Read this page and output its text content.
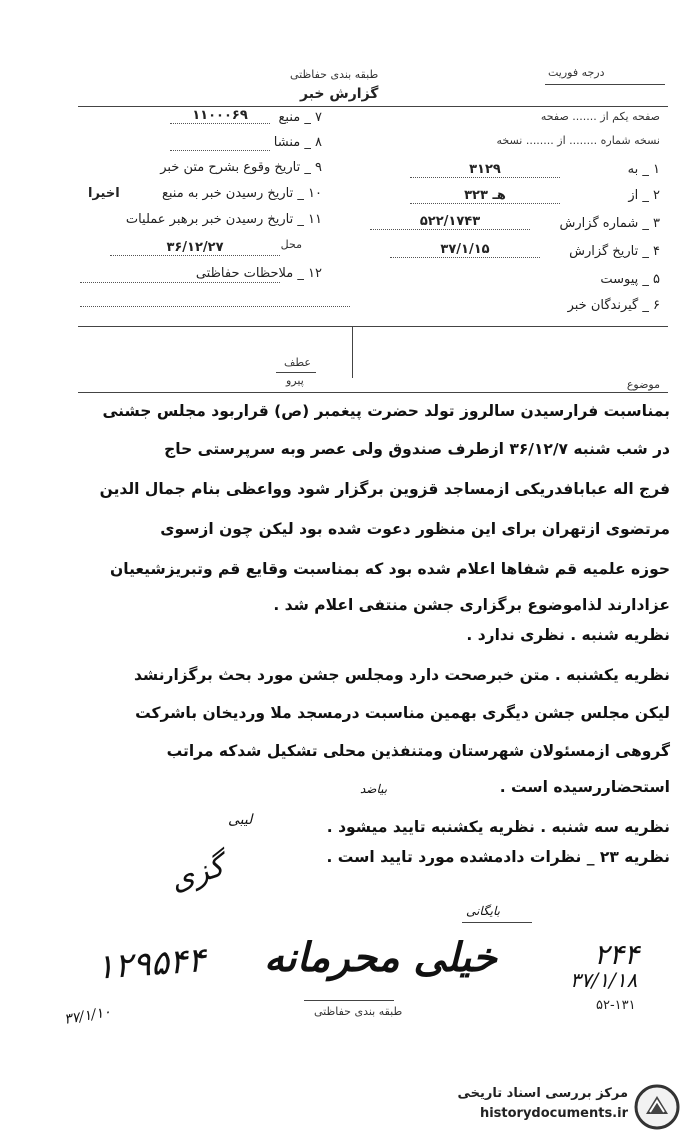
طبقه بندی حفاظتی
گزارش خبر
درجه فوریت
صفحه یکم از ....... صفحه
نسخه شماره ........ از ........ نسخه
۷ _ منبع
۱۱۰۰۰۶۹
۸ _ منشا
۹ _ تاریخ وقوع بشرح متن خبر
۱۰ _ تاریخ رسیدن خبر به منبع
اخیرا
۱۱ _ تاریخ رسیدن خبر برهبر عملیات
محل
۳۶/۱۲/۲۷
۱۲ _ ملاحظات حفاظتی
۱ _ به
۳۱۲۹
۲ _ از
۳۲۳ هـ
۳ _ شماره گزارش
۵۲۲/۱۷۴۳
۴ _ تاریخ گزارش
۳۷/۱/۱۵
۵ _ پیوست
۶ _ گیرندگان خبر
عطف
پیرو	موضوع
بمناسبت فرارسیدن سالروز تولد حضرت پیغمبر (ص) قراربود مجلس جشنی
در شب شنبه ۳۶/۱۲/۷ ازطرف صندوق ولی عصر وبه سرپرستی حاج
فرج اله عبابافدریکی ازمساجد قزوین برگزار شود وواعظی بنام جمال الدین
مرتضوی ازتهران برای این منظور دعوت شده بود لیکن چون ازسوی
حوزه علمیه قم شفاها اعلام شده بود که بمناسبت وقایع قم وتبریزشیعیان
عزادارند لذاموضوع برگزاری جشن منتفی اعلام شد .
نظریه شنبه . نظری ندارد .
نظریه یکشنبه . متن خبرصحت دارد ومجلس جشن مورد بحث برگزارنشد
لیکن مجلس جشن دیگری بهمین مناسبت درمسجد ملا وردیخان باشرکت
گروهی ازمسئولان شهرستان ومتنفذین محلی تشکیل شدکه مراتب
استحضاررسیده است .
بیاضد
نظریه سه شنبه . نظریه یکشنبه تایید میشود .
لیبی
نظریه ۲۳ _ نظرات دادمشده مورد تایید است .
گزی
بایگانی
۱۲۹۵۴۴ خیلی محرمانه	۲۴۴
۳۷/۱/۱۸
۳۷/۱/۱۰	طبقه بندی حفاظتی	۵۲-۱۳۱
مرکز بررسی اسناد تاریخی
historydocuments.ir
